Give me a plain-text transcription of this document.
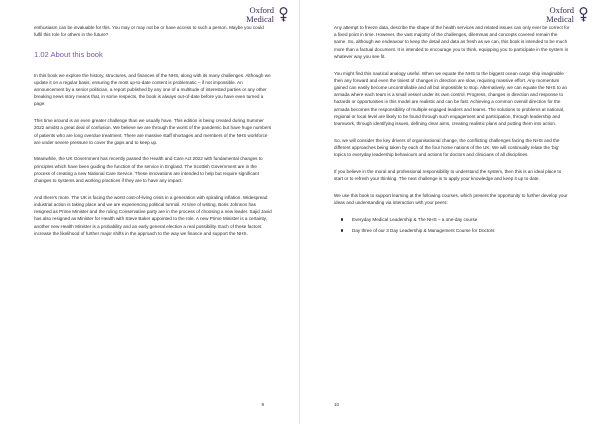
Oxford
Medical

enthusiasm can be invaluable for this. You may or may not be or have access to such a person. Maybe you could fulfil this role for others in the future?

1.02 About this book

In this book we explore the history, structures, and finances of the NHS, along with its many challenges. Although we update it on a regular basis, ensuring the most up-to-date content is problematic – if not impossible. An announcement by a senior politician, a report published by any one of a multitude of interested parties or any other breaking news story means that, in some respects, the book is always out-of-date before you have even turned a page.

This time around is an even greater challenge than we usually have. This edition is being created during Summer 2022 amidst a great deal of confusion. We believe we are through the worst of the pandemic but have huge numbers of patients who are long overdue treatment. There are massive staff shortages and members of the NHS workforce are under severe pressure to cover the gaps and to keep up.

Meanwhile, the UK Government has recently passed the Health and Care Act 2022 with fundamental changes to principles which have been guiding the function of the service in England. The Scottish Government are in the process of creating a new National Care Service. These innovations are intended to help but require significant changes to systems and working practices if they are to have any impact.

And there's more. The UK is facing the worst cost-of-living crisis in a generation with spiraling inflation. Widespread industrial action is taking place and we are experiencing political turmoil. At time of writing, Boris Johnson has resigned as Prime Minister and the ruling Conservative party are in the process of choosing a new leader. Sajid Javid has also resigned as Minister for Health with Steve Baker appointed to the role. A new Prime Minister is a certainty, another new Health Minister is a probability and an early general election a real possibility. Each of these factors increase the likelihood of further major shifts in the approach to the way we finance and support the NHS.

9
Oxford
Medical

Any attempt to freeze data, describe the shape of the health services and related issues can only ever be correct for a fixed point in time. However, the vast majority of the challenges, dilemmas and concepts covered remain the same. So, although we endeavour to keep the detail and data as fresh as we can, this book is intended to be much more than a factual document. It is intended to encourage you to think, equipping you to participate in the system in whatever way you see fit.

You might find this nautical analogy useful. When we equate the NHS to the biggest ocean cargo ship imaginable then any forward and even the tiniest of changes in direction are slow, requiring massive effort. Any momentum gained can easily become uncontrollable and all but impossible to stop. Alternatively, we can equate the NHS to an armada where each team is a small vessel under its own control. Progress, changes in direction and response to hazards or opportunities in this model are realistic and can be fast. Achieving a common overall direction for the armada becomes the responsibility of multiple engaged leaders and teams. The solutions to problems at national, regional or local level are likely to be found through such engagement and participation, through leadership and teamwork, through identifying issues, defining clear aims, creating realistic plans and putting them into action.

So, we will consider the key drivers of organisational change, the conflicting challenges facing the NHS and the different approaches being taken by each of the four home nations of the UK. We will continually relate the 'big' topics to everyday leadership behaviours and actions for doctors and clinicians of all disciplines.

If you believe in the moral and professional responsibility to understand the system, then this is an ideal place to start or to refresh your thinking. The next challenge is to apply your knowledge and keep it up to date.

We use this book to support learning at the following courses, which present the opportunity to further develop your ideas and understanding via interaction with your peers:

Everyday Medical Leadership & The NHS – a one-day course
Day three of our 3 Day Leadership & Management Course for Doctors
10
